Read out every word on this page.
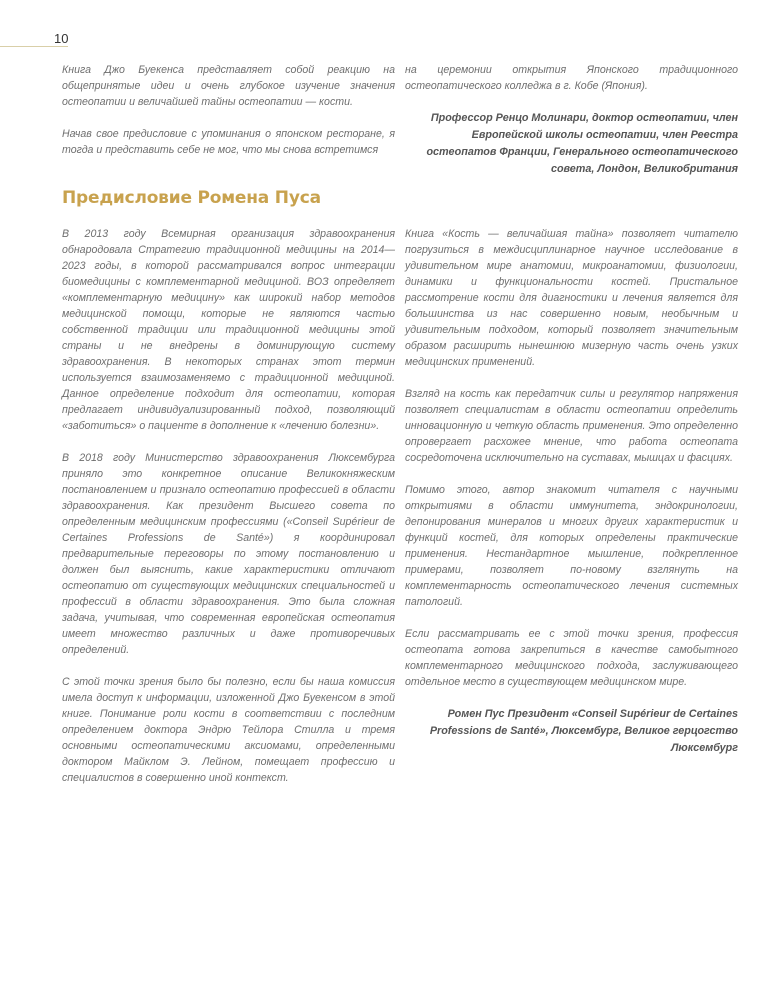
10

Книга Джо Буекенса представляет собой реакцию на общепринятые идеи и очень глубокое изучение значения остеопатии и величайшей тайны остеопатии — кости.

Начав свое предисловие с упоминания о японском ресторане, я тогда и представить себе не мог, что мы снова встретимся

на церемонии открытия Японского традиционного остеопатического колледжа в г. Кобе (Япония).

Профессор Ренцо Молинари, доктор остеопатии, член Европейской школы остеопатии, член Реестра остеопатов Франции, Генерального остеопатического совета, Лондон, Великобритания

Предисловие Ромена Пуса

В 2013 году Всемирная организация здравоохранения обнародовала Стратегию традиционной медицины на 2014—2023 годы, в которой рассматривался вопрос интеграции биомедицины с комплементарной медициной. ВОЗ определяет «комплементарную медицину» как широкий набор методов медицинской помощи, которые не являются частью собственной традиции или традиционной медицины этой страны и не внедрены в доминирующую систему здравоохранения. В некоторых странах этот термин используется взаимозаменяемо с традиционной медициной. Данное определение подходит для остеопатии, которая предлагает индивидуализированный подход, позволяющий «заботиться» о пациенте в дополнение к «лечению болезни».

В 2018 году Министерство здравоохранения Люксембурга приняло это конкретное описание Великокняжеским постановлением и признало остеопатию профессией в области здравоохранения. Как президент Высшего совета по определенным медицинским профессиями («Conseil Supérieur de Certaines Professions de Santé») я координировал предварительные переговоры по этому постановлению и должен был выяснить, какие характеристики отличают остеопатию от существующих медицинских специальностей и профессий в области здравоохранения. Это была сложная задача, учитывая, что современная европейская остеопатия имеет множество различных и даже противоречивых определений.

С этой точки зрения было бы полезно, если бы наша комиссия имела доступ к информации, изложенной Джо Буекенсом в этой книге. Понимание роли кости в соответствии с последним определением доктора Эндрю Тейлора Стилла и тремя основными остеопатическими аксиомами, определенными доктором Майклом Э. Лейном, помещает профессию и специалистов в совершенно иной контекст.

Книга «Кость — величайшая тайна» позволяет читателю погрузиться в междисциплинарное научное исследование в удивительном мире анатомии, микроанатомии, физиологии, динамики и функциональности костей. Пристальное рассмотрение кости для диагностики и лечения является для большинства из нас совершенно новым, необычным и удивительным подходом, который позволяет значительным образом расширить нынешнюю мизерную часть очень узких медицинских применений.

Взгляд на кость как передатчик силы и регулятор напряжения позволяет специалистам в области остеопатии определить инновационную и четкую область применения. Это определенно опровергает расхожее мнение, что работа остеопата сосредоточена исключительно на суставах, мышцах и фасциях.

Помимо этого, автор знакомит читателя с научными открытиями в области иммунитета, эндокринологии, депонирования минералов и многих других характеристик и функций костей, для которых определены практические применения. Нестандартное мышление, подкрепленное примерами, позволяет по-новому взглянуть на комплементарность остеопатического лечения системных патологий.

Если рассматривать ее с этой точки зрения, профессия остеопата готова закрепиться в качестве самобытного комплементарного медицинского подхода, заслуживающего отдельное место в существующем медицинском мире.

Ромен Пус Президент «Conseil Supérieur de Certaines Professions de Santé», Люксембург, Великое герцогство Люксембург
